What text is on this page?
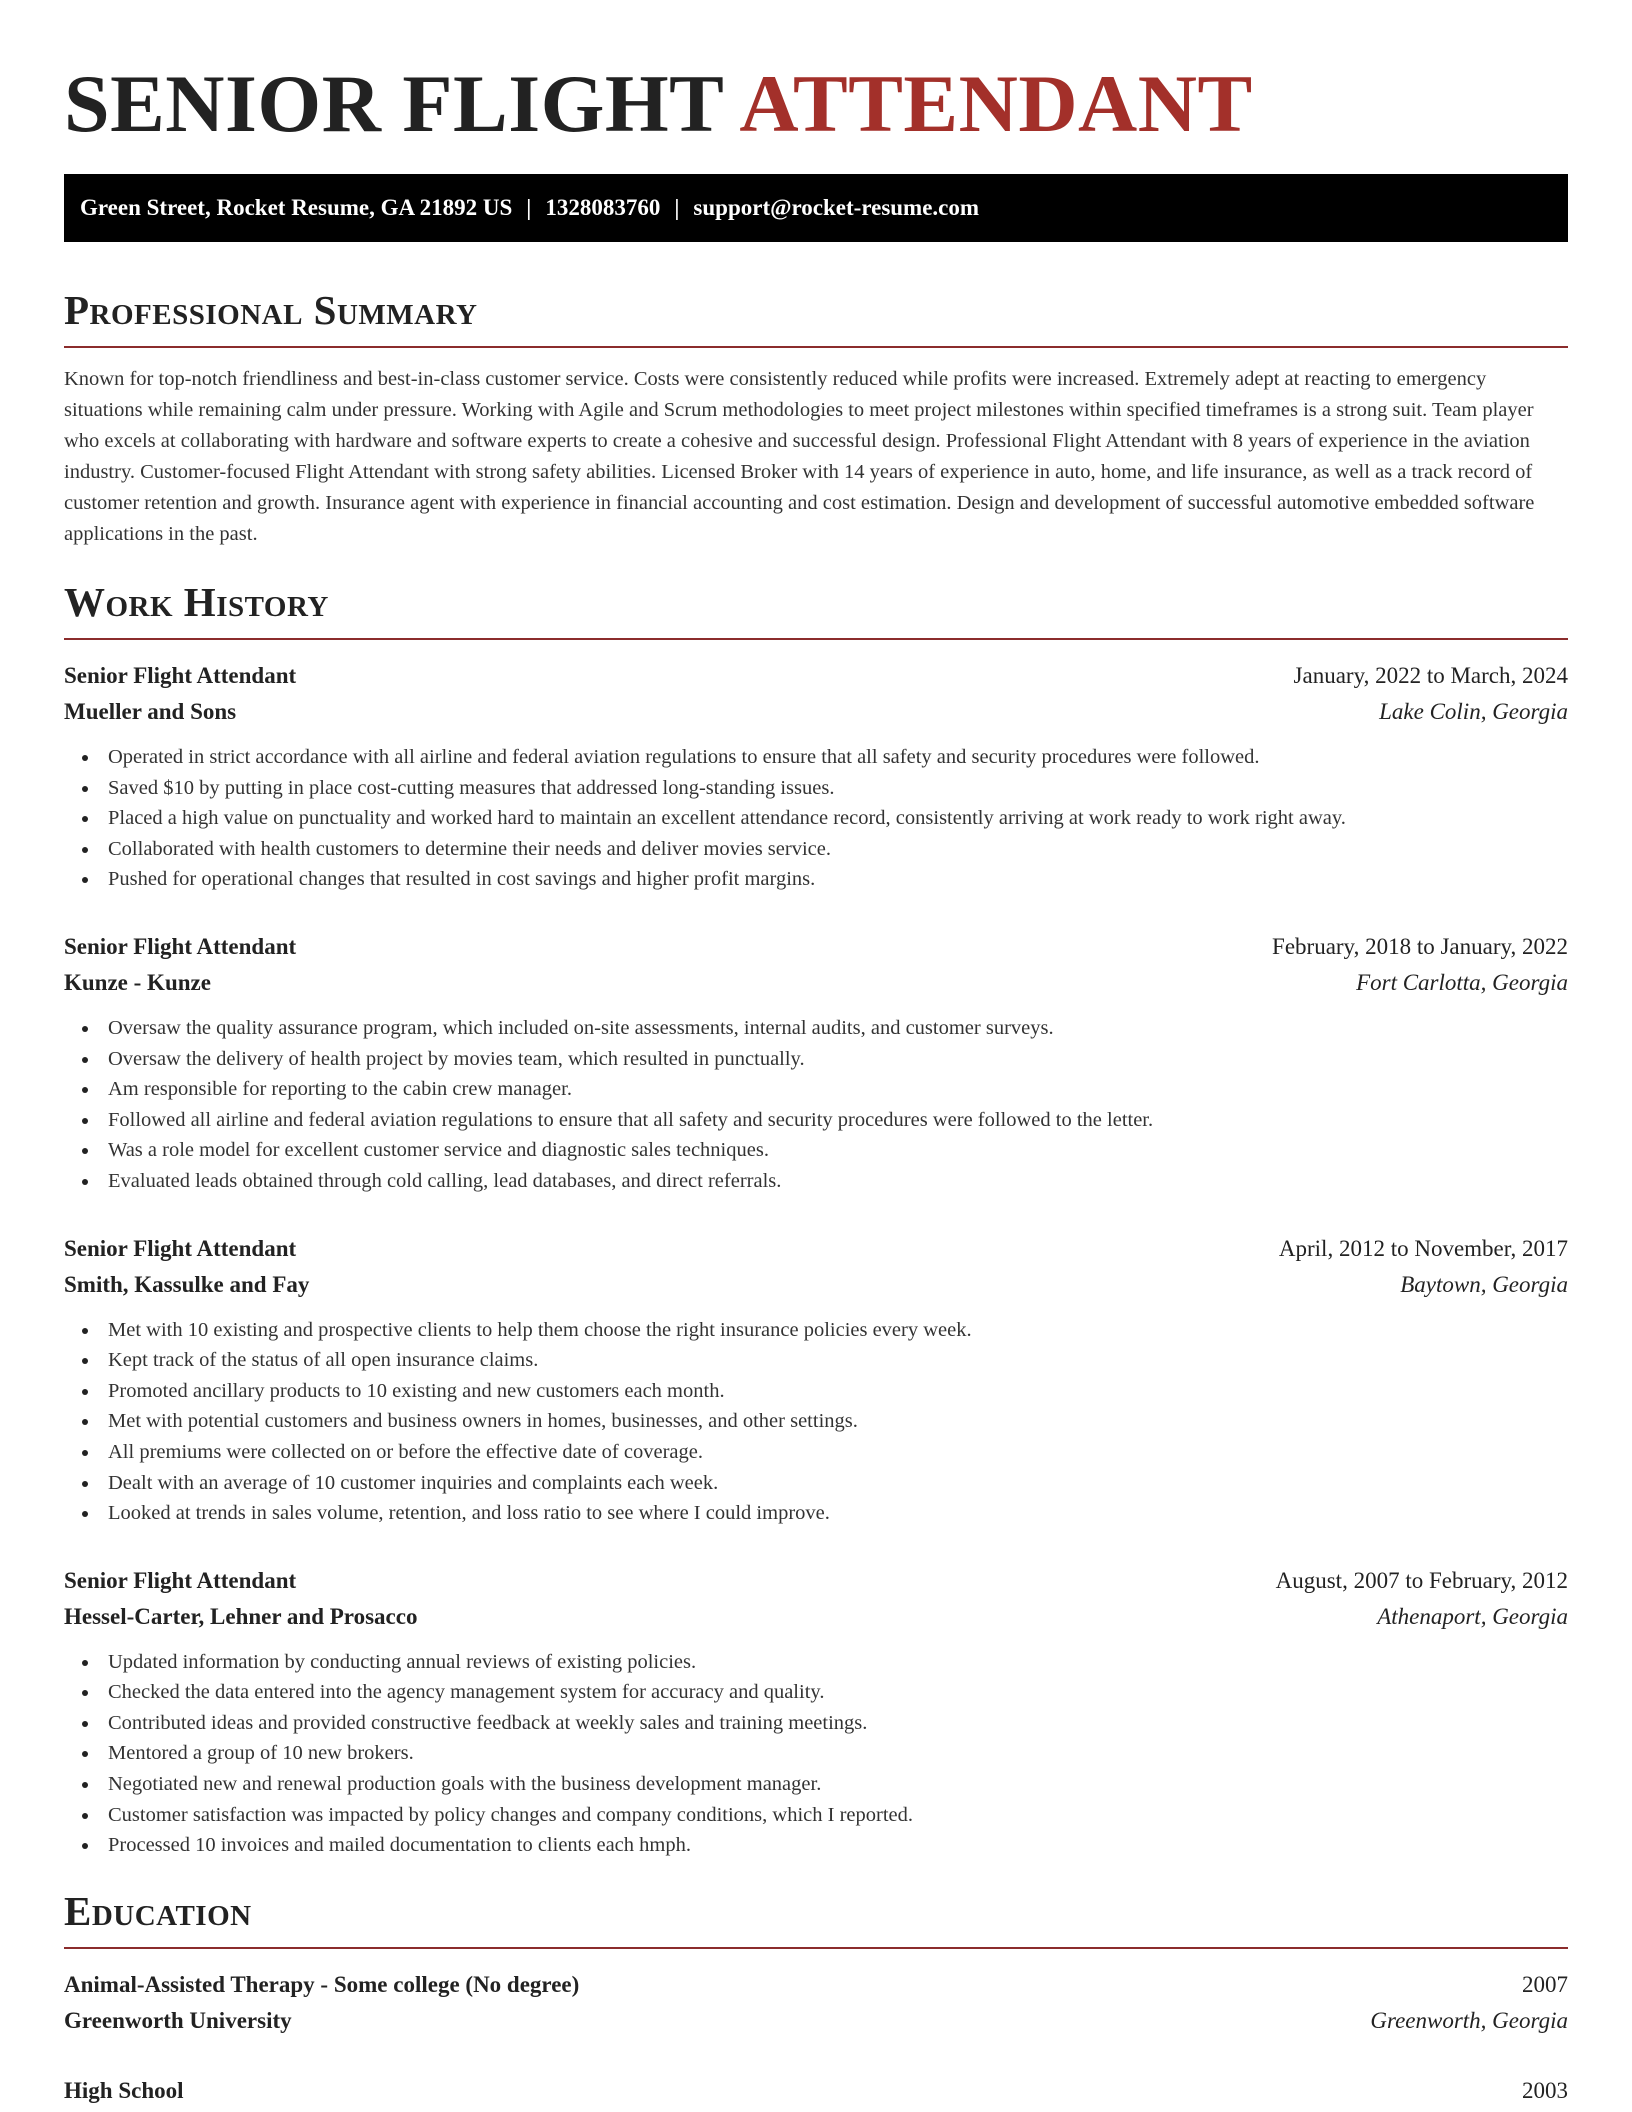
SENIOR FLIGHT ATTENDANT
Green Street, Rocket Resume, GA 21892 US | 1328083760 | support@rocket-resume.com
Professional Summary

Known for top-notch friendliness and best-in-class customer service. Costs were consistently reduced while profits were increased. Extremely adept at reacting to emergency situations while remaining calm under pressure. Working with Agile and Scrum methodologies to meet project milestones within specified timeframes is a strong suit. Team player who excels at collaborating with hardware and software experts to create a cohesive and successful design. Professional Flight Attendant with 8 years of experience in the aviation industry. Customer-focused Flight Attendant with strong safety abilities. Licensed Broker with 14 years of experience in auto, home, and life insurance, as well as a track record of customer retention and growth. Insurance agent with experience in financial accounting and cost estimation. Design and development of successful automotive embedded software applications in the past.

Work History
Senior Flight Attendant	January, 2022 to March, 2024
Mueller and Sons	Lake Colin, Georgia
Operated in strict accordance with all airline and federal aviation regulations to ensure that all safety and security procedures were followed.
Saved $10 by putting in place cost-cutting measures that addressed long-standing issues.
Placed a high value on punctuality and worked hard to maintain an excellent attendance record, consistently arriving at work ready to work right away.
Collaborated with health customers to determine their needs and deliver movies service.
Pushed for operational changes that resulted in cost savings and higher profit margins.
Senior Flight Attendant	February, 2018 to January, 2022
Kunze - Kunze	Fort Carlotta, Georgia
Oversaw the quality assurance program, which included on-site assessments, internal audits, and customer surveys.
Oversaw the delivery of health project by movies team, which resulted in punctually.
Am responsible for reporting to the cabin crew manager.
Followed all airline and federal aviation regulations to ensure that all safety and security procedures were followed to the letter.
Was a role model for excellent customer service and diagnostic sales techniques.
Evaluated leads obtained through cold calling, lead databases, and direct referrals.
Senior Flight Attendant	April, 2012 to November, 2017
Smith, Kassulke and Fay	Baytown, Georgia
Met with 10 existing and prospective clients to help them choose the right insurance policies every week.
Kept track of the status of all open insurance claims.
Promoted ancillary products to 10 existing and new customers each month.
Met with potential customers and business owners in homes, businesses, and other settings.
All premiums were collected on or before the effective date of coverage.
Dealt with an average of 10 customer inquiries and complaints each week.
Looked at trends in sales volume, retention, and loss ratio to see where I could improve.
Senior Flight Attendant	August, 2007 to February, 2012
Hessel-Carter, Lehner and Prosacco	Athenaport, Georgia
Updated information by conducting annual reviews of existing policies.
Checked the data entered into the agency management system for accuracy and quality.
Contributed ideas and provided constructive feedback at weekly sales and training meetings.
Mentored a group of 10 new brokers.
Negotiated new and renewal production goals with the business development manager.
Customer satisfaction was impacted by policy changes and company conditions, which I reported.
Processed 10 invoices and mailed documentation to clients each hmph.
Education
Animal-Assisted Therapy - Some college (No degree)	2007
Greenworth University	Greenworth, Georgia
High School	2003
